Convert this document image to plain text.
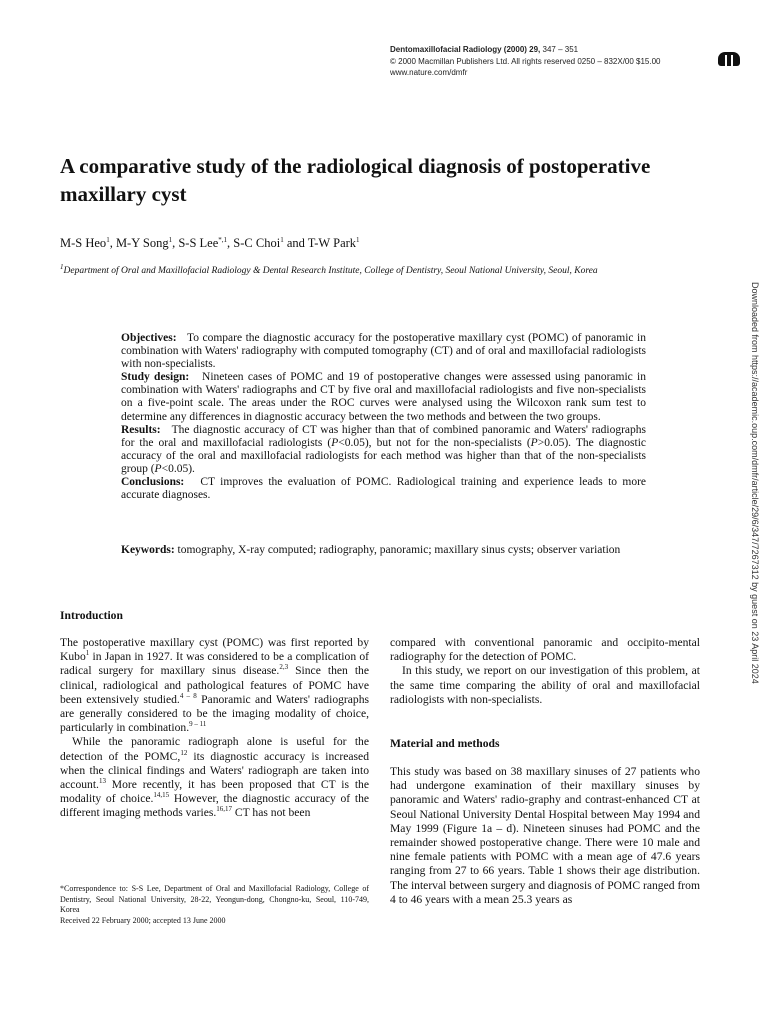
Dentomaxillofacial Radiology (2000) 29, 347 – 351
© 2000 Macmillan Publishers Ltd. All rights reserved 0250 – 832X/00 $15.00
www.nature.com/dmfr
A comparative study of the radiological diagnosis of postoperative maxillary cyst
M-S Heo$^1$, M-Y Song$^1$, S-S Lee$^{*,1}$, S-C Choi$^1$ and T-W Park$^1$
$^1$Department of Oral and Maxillofacial Radiology & Dental Research Institute, College of Dentistry, Seoul National University, Seoul, Korea

Objectives: To compare the diagnostic accuracy for the postoperative maxillary cyst (POMC) of panoramic in combination with Waters' radiography with computed tomography (CT) and of oral and maxillofacial radiologists with non-specialists.

Study design: Nineteen cases of POMC and 19 of postoperative changes were assessed using panoramic in combination with Waters' radiographs and CT by five oral and maxillofacial radiologists and five non-specialists on a five-point scale. The areas under the ROC curves were analysed using the Wilcoxon rank sum test to determine any differences in diagnostic accuracy between the two methods and between the two groups.

Results: The diagnostic accuracy of CT was higher than that of combined panoramic and Waters' radiographs for the oral and maxillofacial radiologists (P<0.05), but not for the non-specialists (P>0.05). The diagnostic accuracy of the oral and maxillofacial radiologists for each method was higher than that of the non-specialists group (P<0.05).

Conclusions: CT improves the evaluation of POMC. Radiological training and experience leads to more accurate diagnoses.

Keywords: tomography, X-ray computed; radiography, panoramic; maxillary sinus cysts; observer variation	Downloaded from https://academic.oup.com/dmfr/article/29/6/347/7267312 by guest on 23 April 2024
Introduction

The postoperative maxillary cyst (POMC) was first reported by Kubo$^1$ in Japan in 1927. It was considered to be a complication of radical surgery for maxillary sinus disease.$^{2,3}$ Since then the clinical, radiological and pathological features of POMC have been extensively studied.$^{4 - 8}$ Panoramic and Waters' radiographs are generally considered to be the imaging modality of choice, particularly in combination.$^{9 - 11}$

While the panoramic radiograph alone is useful for the detection of the POMC,$^{12}$ its diagnostic accuracy is increased when the clinical findings and Waters' radiograph are taken into account.$^{13}$ More recently, it has been proposed that CT is the modality of choice.$^{14,15}$ However, the diagnostic accuracy of the different imaging methods varies.$^{16,17}$ CT has not been

compared with conventional panoramic and occipito-mental radiography for the detection of POMC.

In this study, we report on our investigation of this problem, at the same time comparing the ability of oral and maxillofacial radiologists with non-specialists.

Material and methods

This study was based on 38 maxillary sinuses of 27 patients who had undergone examination of their maxillary sinuses by panoramic and Waters' radio-graphy and contrast-enhanced CT at Seoul National University Dental Hospital between May 1994 and May 1999 (Figure 1a – d). Nineteen sinuses had POMC and the remainder showed postoperative change. There were 10 male and nine female patients with POMC with a mean age of 47.6 years ranging from 27 to 66 years. Table 1 shows their age distribution. The interval between surgery and diagnosis of POMC ranged from 4 to 46 years with a mean 25.3 years as

*Correspondence to: S-S Lee, Department of Oral and Maxillofacial Radiology, College of Dentistry, Seoul National University, 28-22, Yeongun-dong, Chongno-ku, Seoul, 110-749, Korea

Received 22 February 2000; accepted 13 June 2000
